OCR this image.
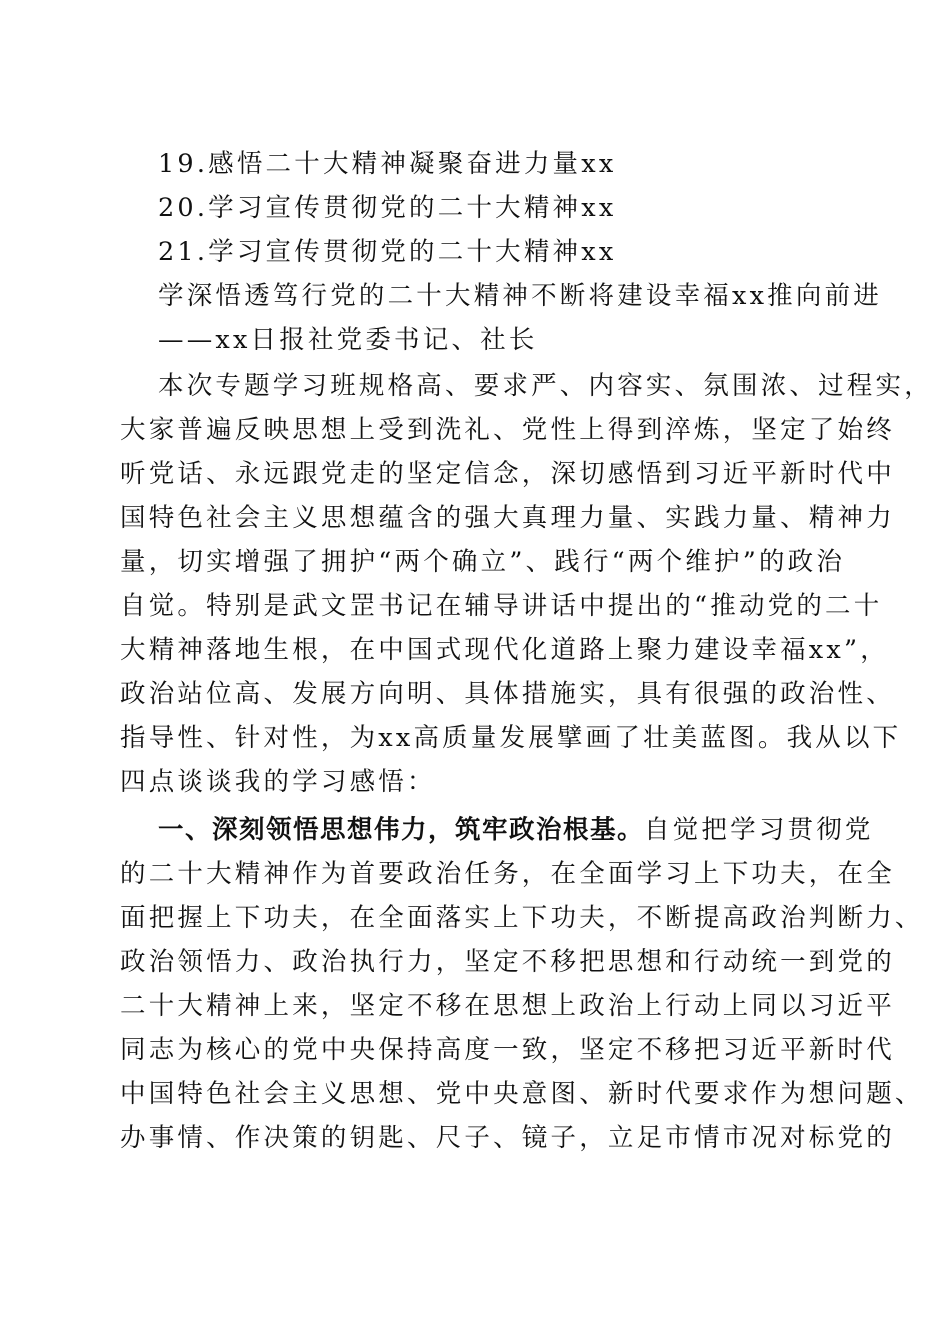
19.感悟二十大精神凝聚奋进力量xx
20.学习宣传贯彻党的二十大精神xx
21.学习宣传贯彻党的二十大精神xx
学深悟透笃行党的二十大精神不断将建设幸福xx推向前进
——xx日报社党委书记、社长
本次专题学习班规格高、要求严、内容实、氛围浓、过程实，
大家普遍反映思想上受到洗礼、党性上得到淬炼，坚定了始终
听党话、永远跟党走的坚定信念，深切感悟到习近平新时代中
国特色社会主义思想蕴含的强大真理力量、实践力量、精神力
量，切实增强了拥护“两个确立”、践行“两个维护”的政治
自觉。特别是武文罡书记在辅导讲话中提出的“推动党的二十
大精神落地生根，在中国式现代化道路上聚力建设幸福xx”，
政治站位高、发展方向明、具体措施实，具有很强的政治性、
指导性、针对性，为xx高质量发展擘画了壮美蓝图。我从以下
四点谈谈我的学习感悟：
一、深刻领悟思想伟力，筑牢政治根基。自觉把学习贯彻党
的二十大精神作为首要政治任务，在全面学习上下功夫，在全
面把握上下功夫，在全面落实上下功夫，不断提高政治判断力、
政治领悟力、政治执行力，坚定不移把思想和行动统一到党的
二十大精神上来，坚定不移在思想上政治上行动上同以习近平
同志为核心的党中央保持高度一致，坚定不移把习近平新时代
中国特色社会主义思想、党中央意图、新时代要求作为想问题、
办事情、作决策的钥匙、尺子、镜子，立足市情市况对标党的
